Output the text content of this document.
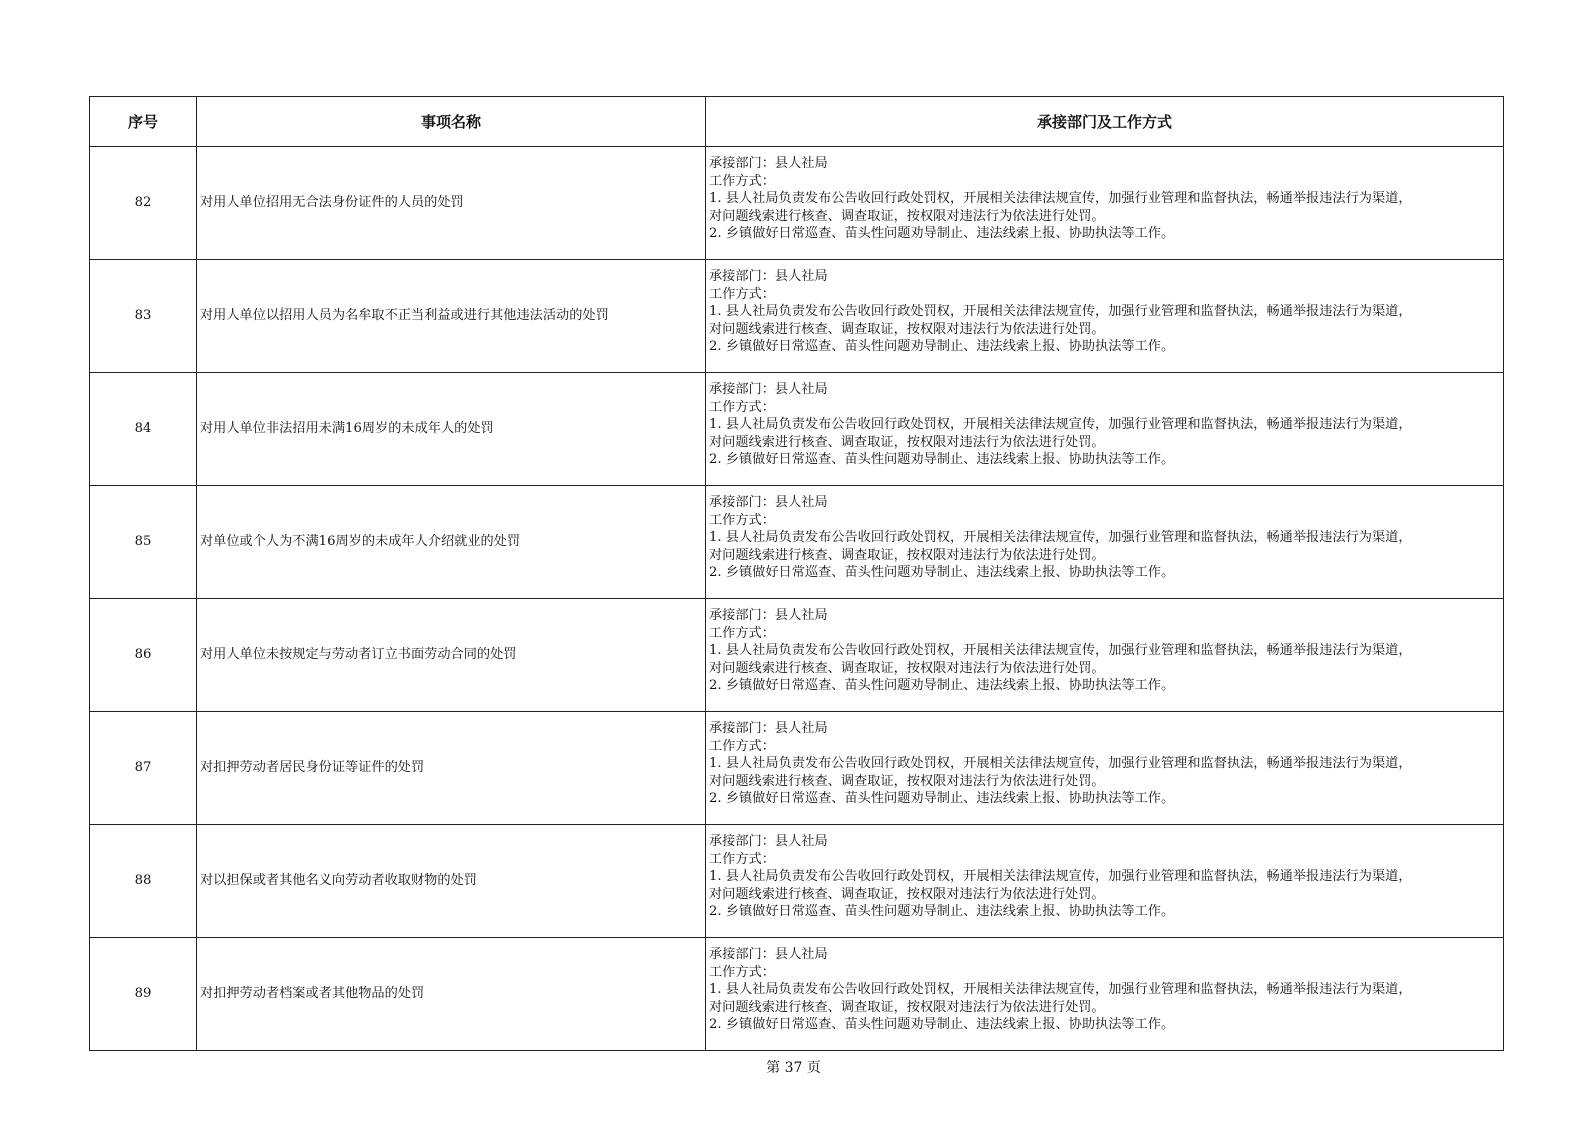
序号	事项名称	承接部门及工作方式
82	对用人单位招用无合法身份证件的人员的处罚	承接部门：县人社局
工作方式：
1. 县人社局负责发布公告收回行政处罚权，开展相关法律法规宣传，加强行业管理和监督执法，畅通举报违法行为渠道，
对问题线索进行核查、调查取证，按权限对违法行为依法进行处罚。
2. 乡镇做好日常巡查、苗头性问题劝导制止、违法线索上报、协助执法等工作。

83	对用人单位以招用人员为名牟取不正当利益或进行其他违法活动的处罚	承接部门：县人社局
工作方式：
1. 县人社局负责发布公告收回行政处罚权，开展相关法律法规宣传，加强行业管理和监督执法，畅通举报违法行为渠道，
对问题线索进行核查、调查取证，按权限对违法行为依法进行处罚。
2. 乡镇做好日常巡查、苗头性问题劝导制止、违法线索上报、协助执法等工作。

84	对用人单位非法招用未满16周岁的未成年人的处罚	承接部门：县人社局
工作方式：
1. 县人社局负责发布公告收回行政处罚权，开展相关法律法规宣传，加强行业管理和监督执法，畅通举报违法行为渠道，
对问题线索进行核查、调查取证，按权限对违法行为依法进行处罚。
2. 乡镇做好日常巡查、苗头性问题劝导制止、违法线索上报、协助执法等工作。

85	对单位或个人为不满16周岁的未成年人介绍就业的处罚	承接部门：县人社局
工作方式：
1. 县人社局负责发布公告收回行政处罚权，开展相关法律法规宣传，加强行业管理和监督执法，畅通举报违法行为渠道，
对问题线索进行核查、调查取证，按权限对违法行为依法进行处罚。
2. 乡镇做好日常巡查、苗头性问题劝导制止、违法线索上报、协助执法等工作。

86	对用人单位未按规定与劳动者订立书面劳动合同的处罚	承接部门：县人社局
工作方式：
1. 县人社局负责发布公告收回行政处罚权，开展相关法律法规宣传，加强行业管理和监督执法，畅通举报违法行为渠道，
对问题线索进行核查、调查取证，按权限对违法行为依法进行处罚。
2. 乡镇做好日常巡查、苗头性问题劝导制止、违法线索上报、协助执法等工作。

87	对扣押劳动者居民身份证等证件的处罚	承接部门：县人社局
工作方式：
1. 县人社局负责发布公告收回行政处罚权，开展相关法律法规宣传，加强行业管理和监督执法，畅通举报违法行为渠道，
对问题线索进行核查、调查取证，按权限对违法行为依法进行处罚。
2. 乡镇做好日常巡查、苗头性问题劝导制止、违法线索上报、协助执法等工作。

88	对以担保或者其他名义向劳动者收取财物的处罚	承接部门：县人社局
工作方式：
1. 县人社局负责发布公告收回行政处罚权，开展相关法律法规宣传，加强行业管理和监督执法，畅通举报违法行为渠道，
对问题线索进行核查、调查取证，按权限对违法行为依法进行处罚。
2. 乡镇做好日常巡查、苗头性问题劝导制止、违法线索上报、协助执法等工作。

89	对扣押劳动者档案或者其他物品的处罚	承接部门：县人社局
工作方式：
1. 县人社局负责发布公告收回行政处罚权，开展相关法律法规宣传，加强行业管理和监督执法，畅通举报违法行为渠道，
对问题线索进行核查、调查取证，按权限对违法行为依法进行处罚。
2. 乡镇做好日常巡查、苗头性问题劝导制止、违法线索上报、协助执法等工作。
第 37 页
